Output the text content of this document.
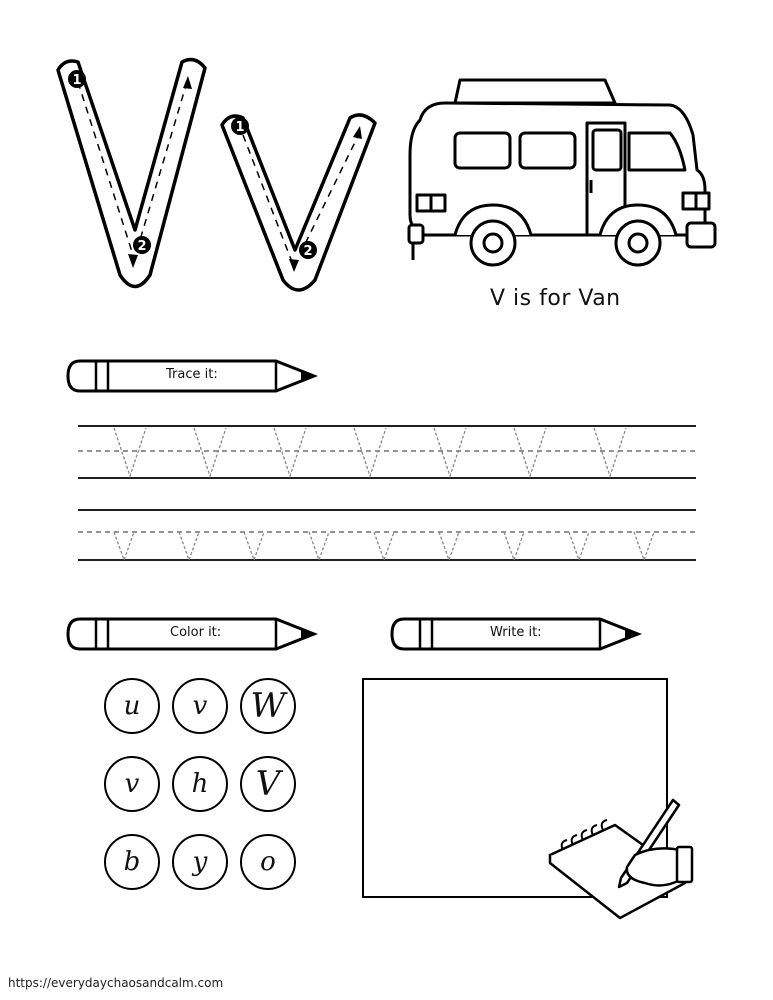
1
2
1
2
V is for Van
Trace it:
Color it:	Write it:
u v W
v h V
b y o
https://everydaychaosandcalm.com
